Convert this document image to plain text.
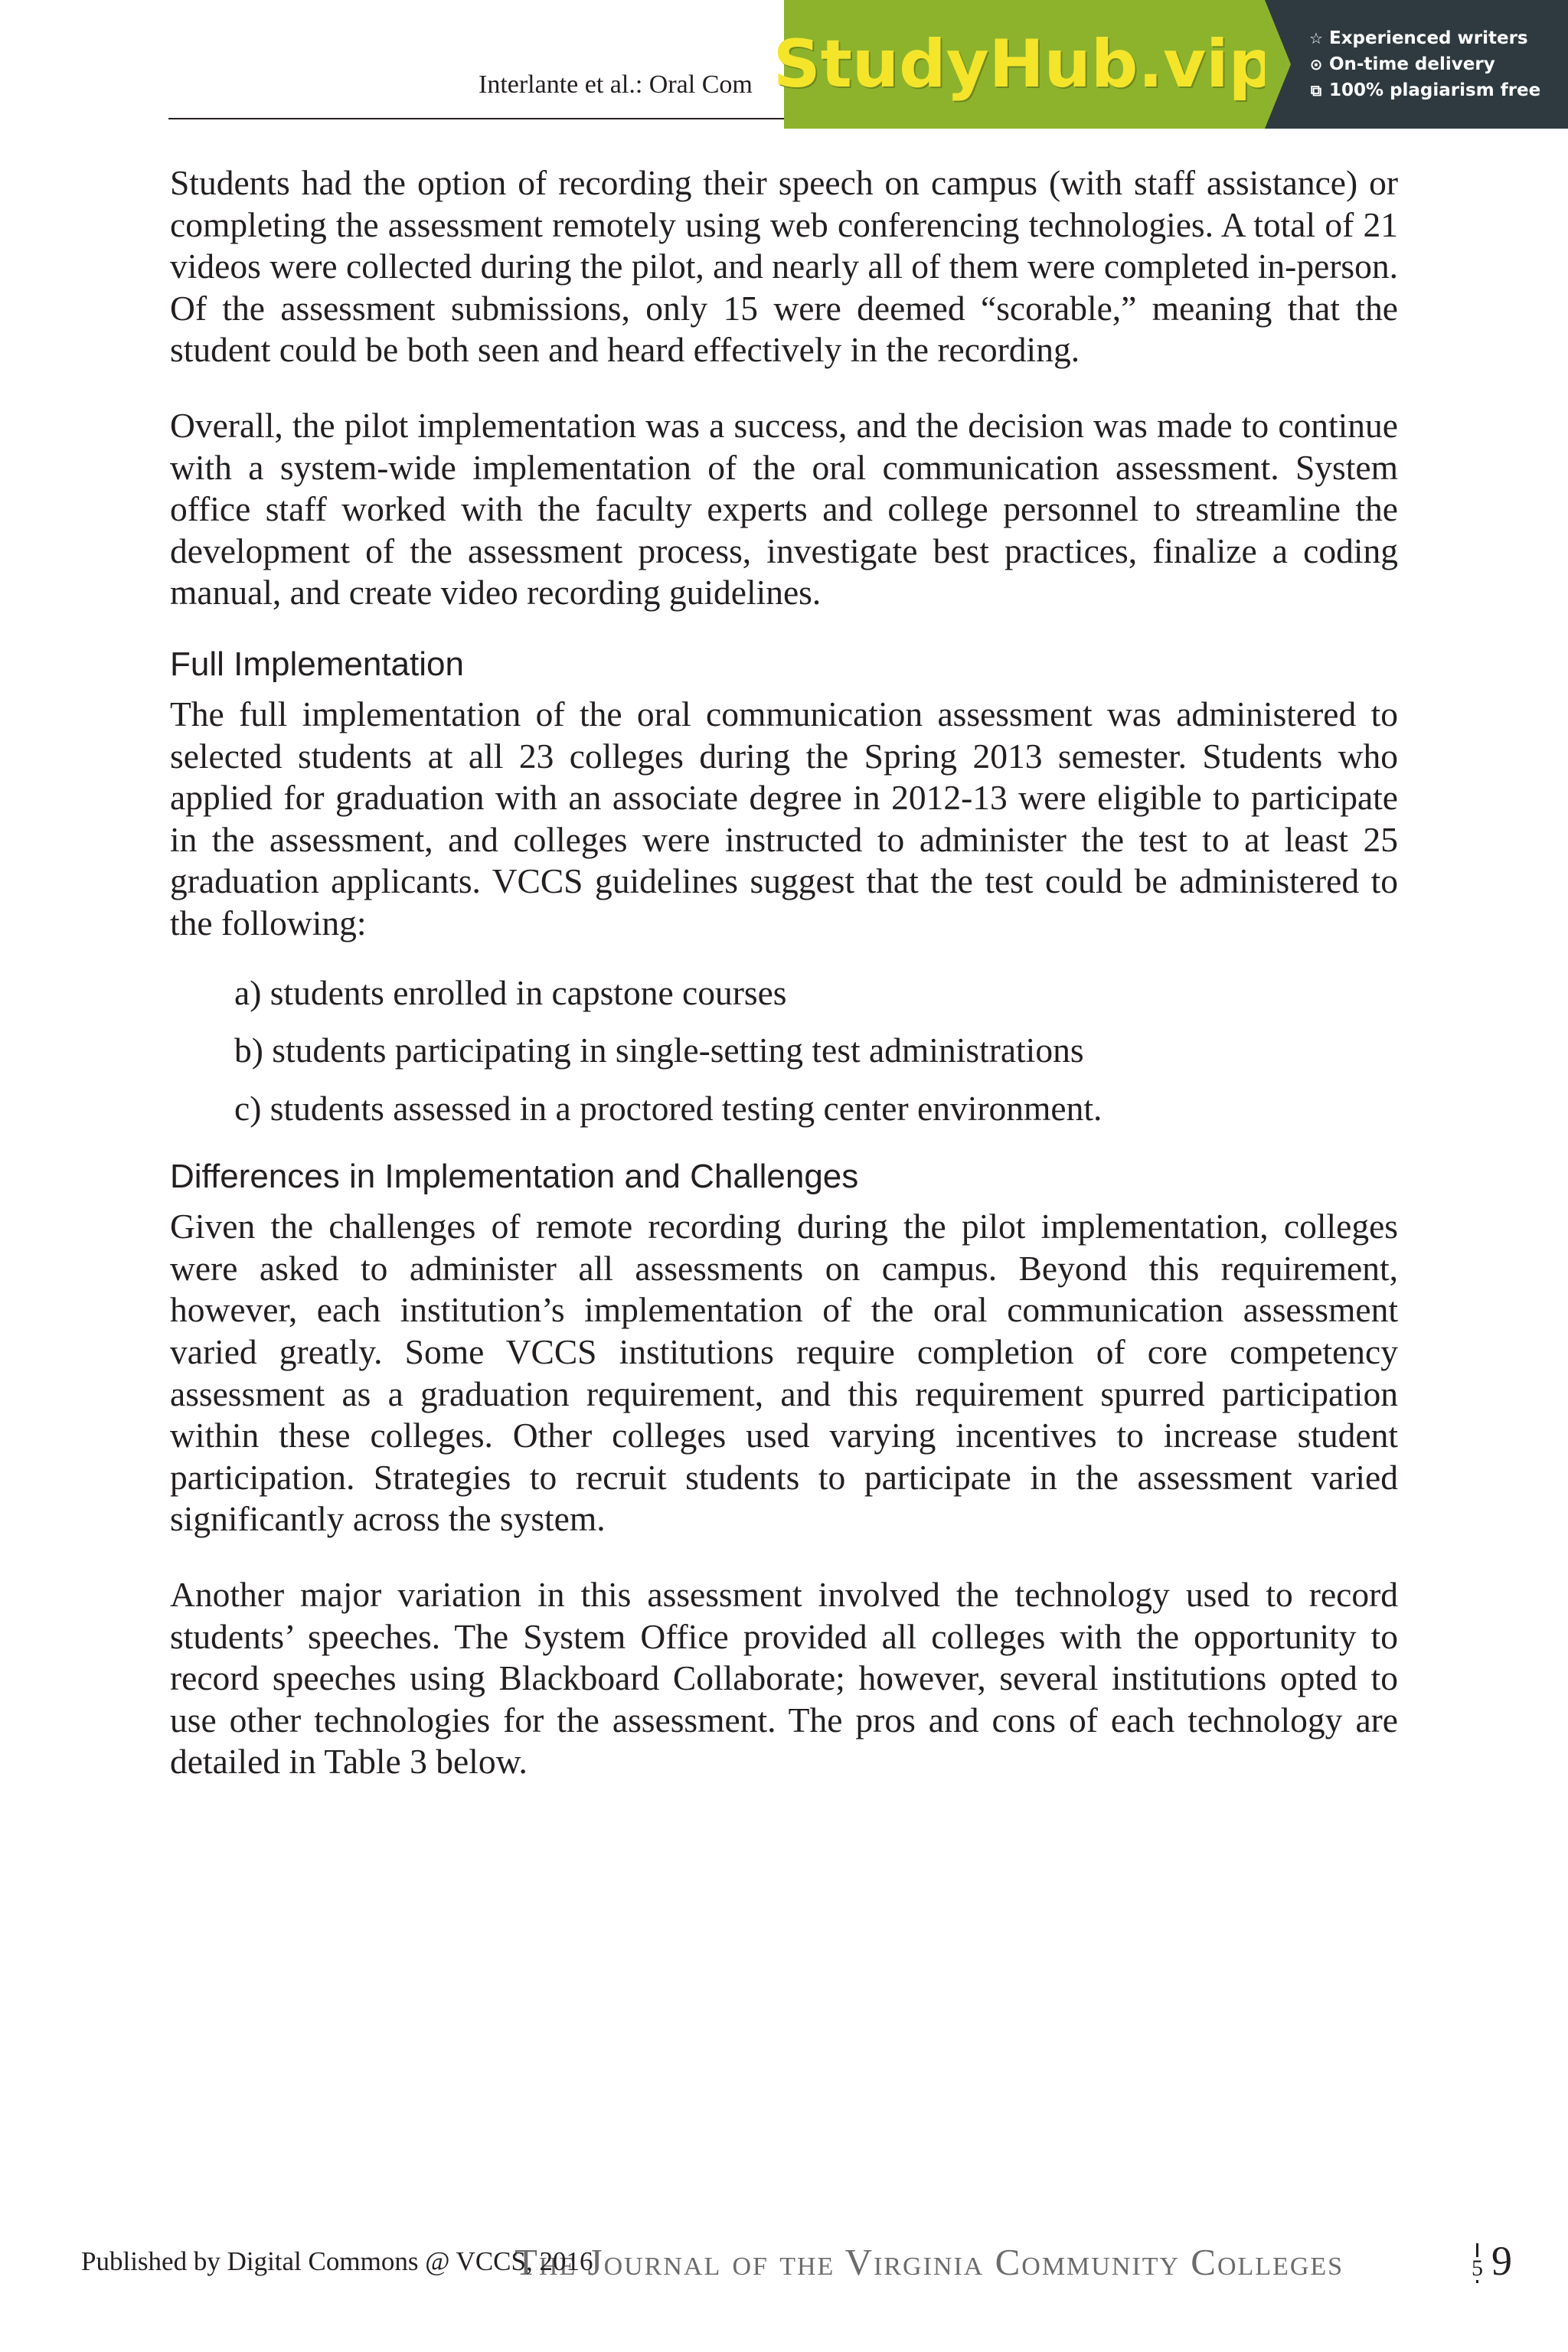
Interlante et al.: Oral Com StudyHub.vip ☆ Experienced writers
⊙ On-time delivery
⧉ 100% plagiarism free

Students had the option of recording their speech on campus (with staff assistance) or completing the assessment remotely using web conferencing technologies. A total of 21 videos were collected during the pilot, and nearly all of them were completed in-person. Of the assessment submissions, only 15 were deemed “scorable,” meaning that the student could be both seen and heard effectively in the recording.

Overall, the pilot implementation was a success, and the decision was made to continue with a system-wide implementation of the oral communication assessment. System office staff worked with the faculty experts and college personnel to streamline the development of the assessment process, investigate best practices, finalize a coding manual, and create video recording guidelines.

Full Implementation

The full implementation of the oral communication assessment was administered to selected students at all 23 colleges during the Spring 2013 semester. Students who applied for graduation with an associate degree in 2012-13 were eligible to participate in the assessment, and colleges were instructed to administer the test to at least 25 graduation applicants. VCCS guidelines suggest that the test could be administered to the following:

a) students enrolled in capstone courses
b) students participating in single-setting test administrations
c) students assessed in a proctored testing center environment.
Differences in Implementation and Challenges

Given the challenges of remote recording during the pilot implementation, colleges were asked to administer all assessments on campus. Beyond this requirement, however, each institution’s implementation of the oral communication assessment varied greatly. Some VCCS institutions require completion of core competency assessment as a graduation requirement, and this requirement spurred participation within these colleges. Other colleges used varying incentives to increase student participation. Strategies to recruit students to participate in the assessment varied significantly across the system.

Another major variation in this assessment involved the technology used to record students’ speeches. The System Office provided all colleges with the opportunity to record speeches using Blackboard Collaborate; however, several institutions opted to use other technologies for the assessment. The pros and cons of each technology are detailed in Table 3 below.

The Journal of the Virginia Community Colleges
Published by Digital Commons @ VCCS, 2016	5 9
